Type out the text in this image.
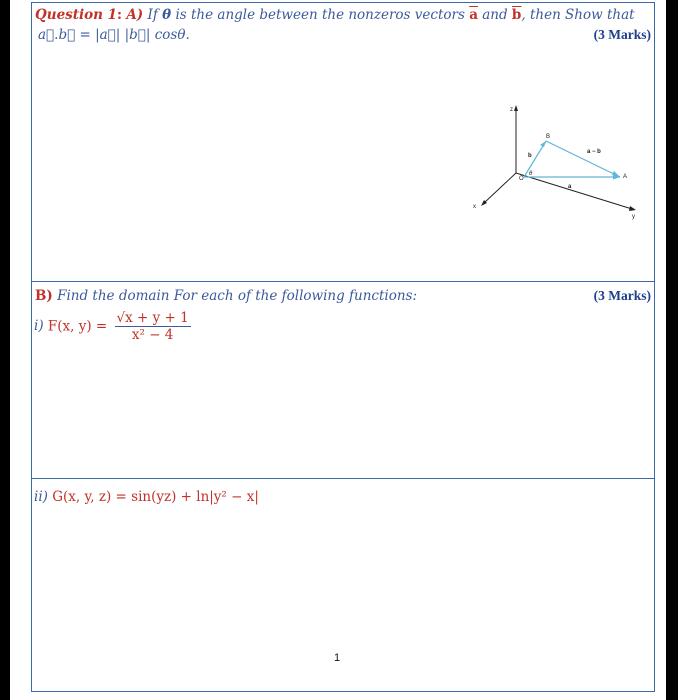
Question 1: A) If θ is the angle between the nonzeros vectors $\overline{a}$ and $\overline{b}$, then Show that
a⃗.b⃗ = |a⃗| |b⃗| cosθ.	(3 Marks)
z
x
y
O
B
A
b
a
a − b
θ
B) Find the domain For each of the following functions:	(3 Marks)
i) F(x, $y) = \frac{√x + y + 1}{\text{x² − 4}}$
ii) G(x, y, z) = sin(yz) + ln|y² − x|
1
